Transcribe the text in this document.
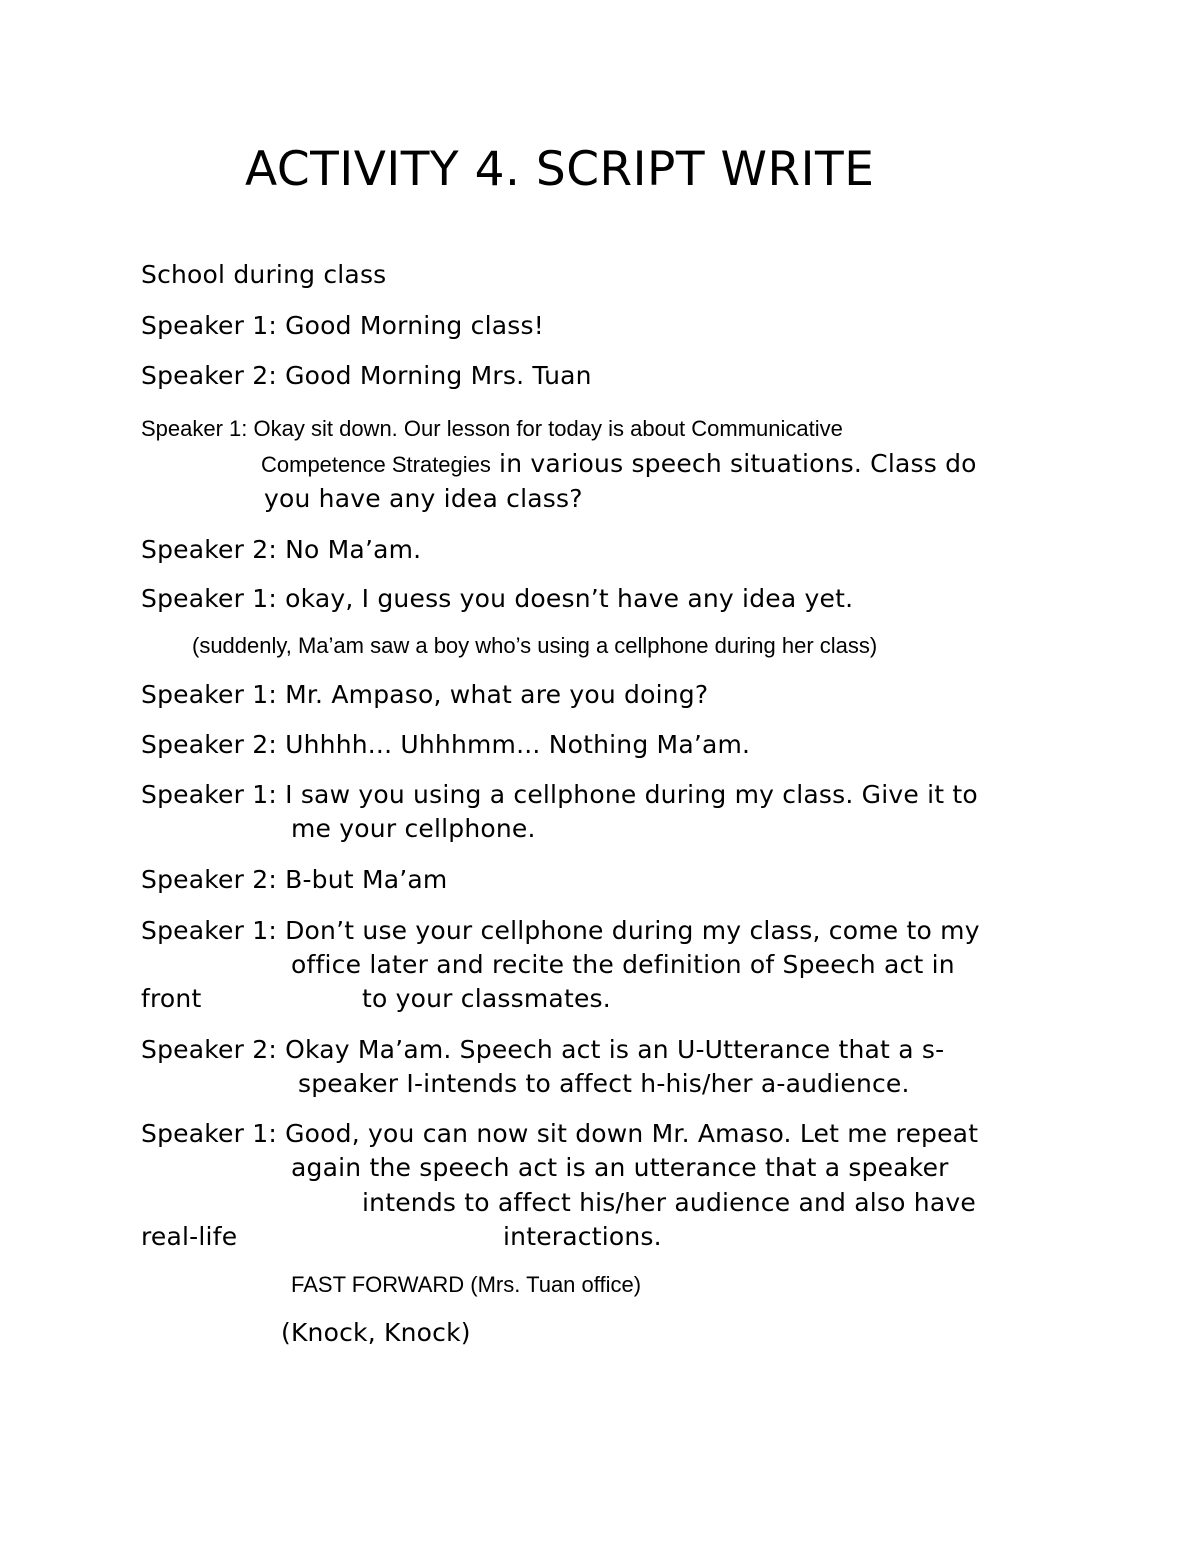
ACTIVITY 4. SCRIPT WRITE
School during class
Speaker 1: Good Morning class!
Speaker 2: Good Morning Mrs. Tuan
Speaker 1: Okay sit down. Our lesson for today is about Communicative
Competence Strategies in various speech situations. Class do
you have any idea class?
Speaker 2: No Ma’am.
Speaker 1: okay, I guess you doesn’t have any idea yet.
(suddenly, Ma’am saw a boy who’s using a cellphone during her class)
Speaker 1: Mr. Ampaso, what are you doing?
Speaker 2: Uhhhh... Uhhhmm... Nothing Ma’am.
Speaker 1: I saw you using a cellphone during my class. Give it to
me your cellphone.
Speaker 2: B-but Ma’am
Speaker 1: Don’t use your cellphone during my class, come to my
office later and recite the definition of Speech act in
front	to your classmates.
Speaker 2: Okay Ma’am. Speech act is an U-Utterance that a s-
speaker I-intends to affect h-his/her a-audience.
Speaker 1: Good, you can now sit down Mr. Amaso. Let me repeat
again the speech act is an utterance that a speaker
intends to affect his/her audience and also have
real-life	interactions.
FAST FORWARD (Mrs. Tuan office)
(Knock, Knock)
